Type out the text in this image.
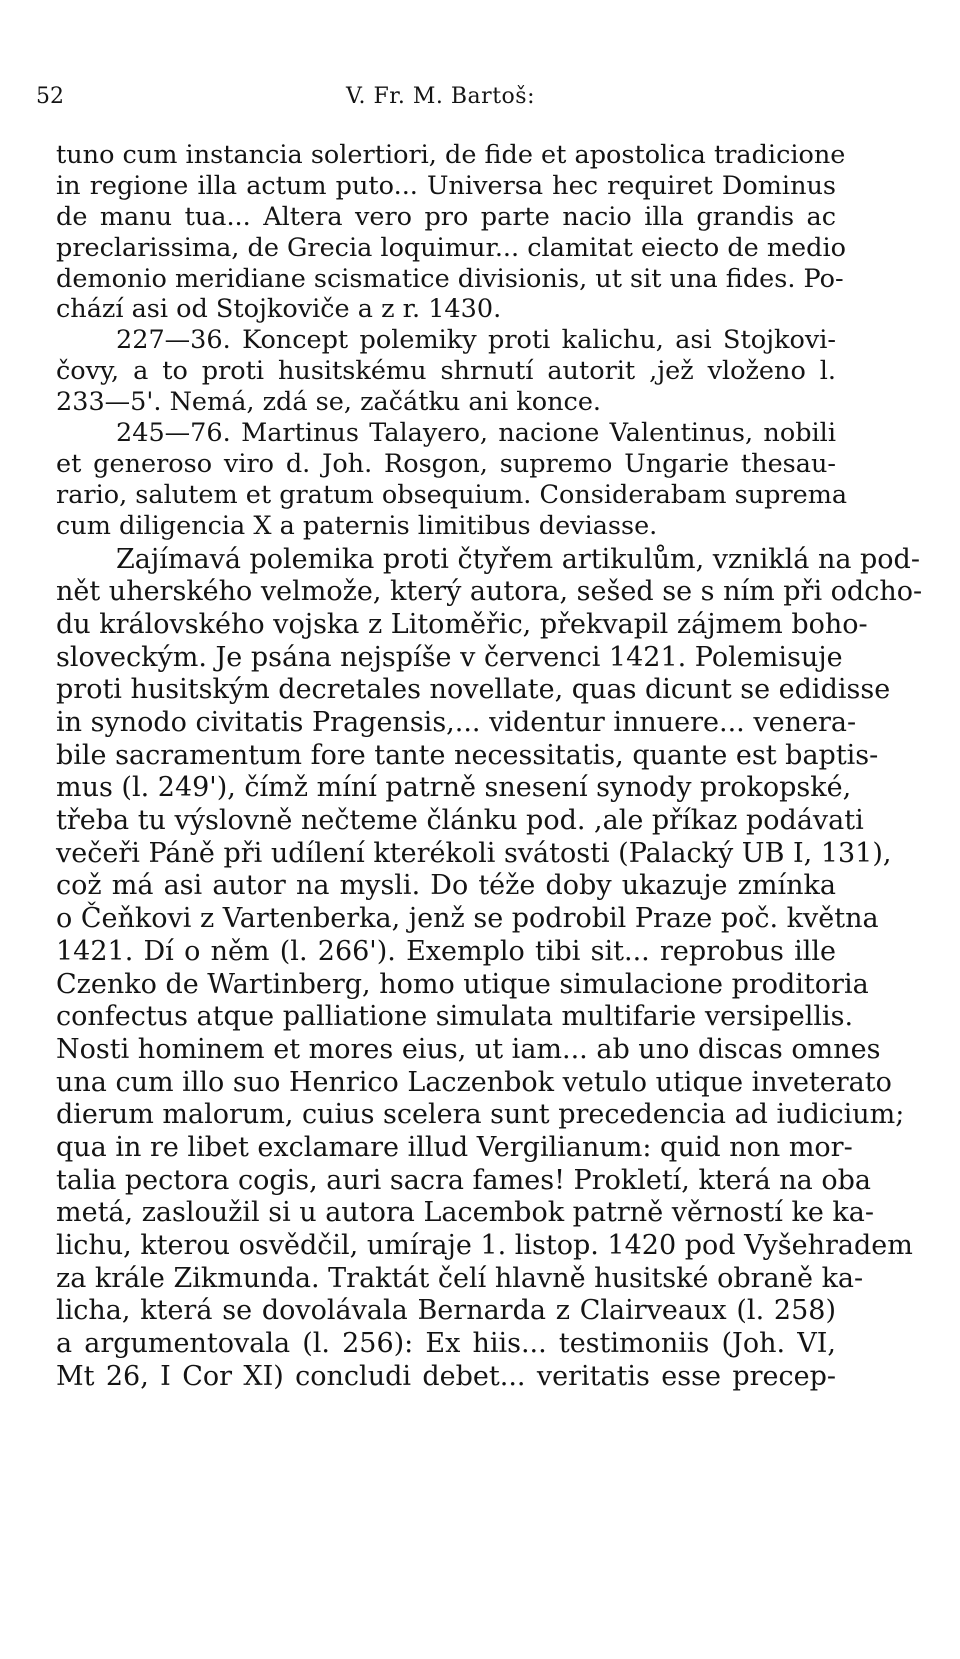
52	V. Fr. M. Bartoš:
tuno cum instancia solertiori, de fide et apostolica tradicione
in regione illa actum puto... Universa hec requiret Dominus
de manu tua... Altera vero pro parte nacio illa grandis ac
preclarissima, de Grecia loquimur... clamitat eiecto de medio
demonio meridiane scismatice divisionis, ut sit una fides. Po-
chází asi od Stojkoviče a z r. 1430.
227—36. Koncept polemiky proti kalichu, asi Stojkovi-
čovy, a to proti husitskému shrnutí autorit ,jež vloženo l.
233—5'. Nemá, zdá se, začátku ani konce.
245—76. Martinus Talayero, nacione Valentinus, nobili
et generoso viro d. Joh. Rosgon, supremo Ungarie thesau-
rario, salutem et gratum obsequium. Considerabam suprema
cum diligencia X a paternis limitibus deviasse.
Zajímavá polemika proti čtyřem artikulům, vzniklá na pod-
nět uherského velmože, který autora, sešed se s ním při odcho-
du královského vojska z Litoměřic, překvapil zájmem boho-
sloveckým. Je psána nejspíše v červenci 1421. Polemisuje
proti husitským decretales novellate, quas dicunt se edidisse
in synodo civitatis Pragensis,... videntur innuere... venera-
bile sacramentum fore tante necessitatis, quante est baptis-
mus (l. 249'), čímž míní patrně snesení synody prokopské,
třeba tu výslovně nečteme článku pod. ,ale příkaz podávati
večeři Páně při udílení kterékoli svátosti (Palacký UB I, 131),
což má asi autor na mysli. Do téže doby ukazuje zmínka
o Čeňkovi z Vartenberka, jenž se podrobil Praze poč. května
1421. Dí o něm (l. 266'). Exemplo tibi sit... reprobus ille
Czenko de Wartinberg, homo utique simulacione proditoria
confectus atque palliatione simulata multifarie versipellis.
Nosti hominem et mores eius, ut iam... ab uno discas omnes
una cum illo suo Henrico Laczenbok vetulo utique inveterato
dierum malorum, cuius scelera sunt precedencia ad iudicium;
qua in re libet exclamare illud Vergilianum: quid non mor-
talia pectora cogis, auri sacra fames! Prokletí, která na oba
metá, zasloužil si u autora Lacembok patrně věrností ke ka-
lichu, kterou osvědčil, umíraje 1. listop. 1420 pod Vyšehradem
za krále Zikmunda. Traktát čelí hlavně husitské obraně ka-
licha, která se dovolávala Bernarda z Clairveaux (l. 258)
a argumentovala (l. 256): Ex hiis... testimoniis (Joh. VI,
Mt 26, I Cor XI) concludi debet... veritatis esse precep-
